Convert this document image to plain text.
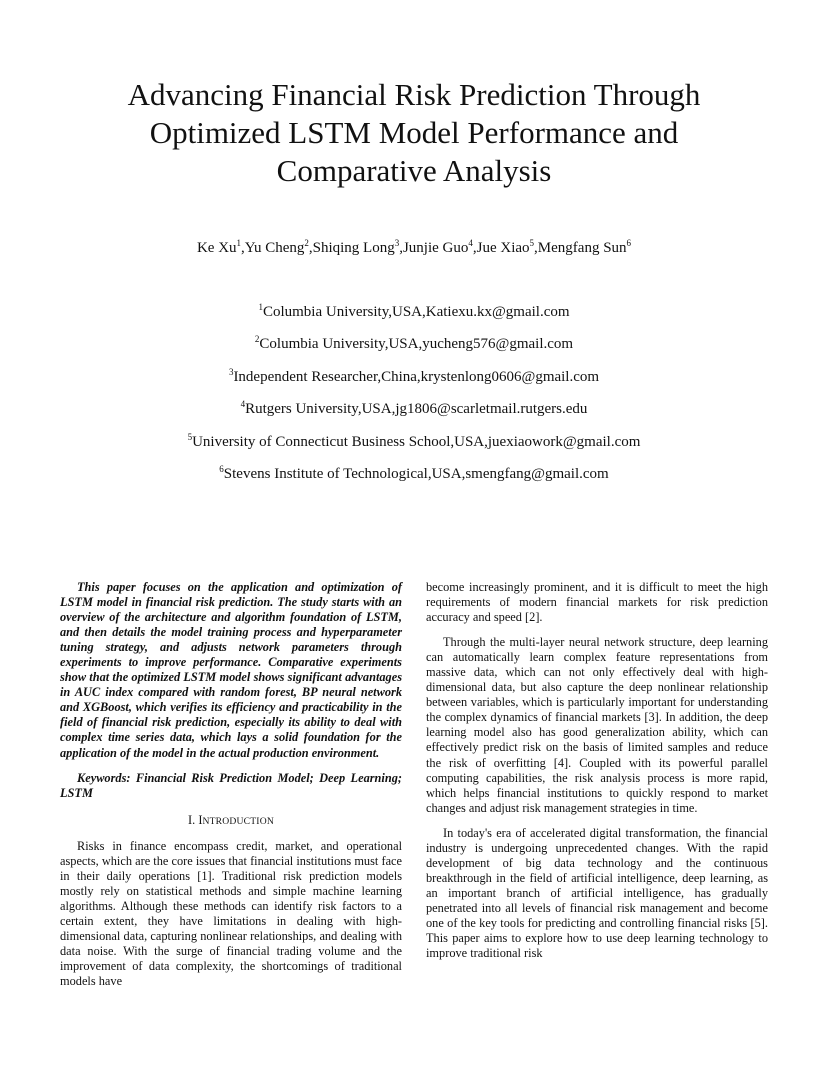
Advancing Financial Risk Prediction Through
Optimized LSTM Model Performance and
Comparative Analysis
Ke Xu$^1$,Yu Cheng$^2$,Shiqing Long$^3$,Junjie Guo$^4$,Jue Xiao$^5$,Mengfang Sun$^6$
$^1$Columbia University,USA,Katiexu.kx@gmail.com
$^2$Columbia University,USA,yucheng576@gmail.com
$^3$Independent Researcher,China,krystenlong0606@gmail.com
$^4$Rutgers University,USA,jg1806@scarletmail.rutgers.edu
$^5$University of Connecticut Business School,USA,juexiaowork@gmail.com
$^6$Stevens Institute of Technological,USA,smengfang@gmail.com

This paper focuses on the application and optimization of LSTM model in financial risk prediction. The study starts with an overview of the architecture and algorithm foundation of LSTM, and then details the model training process and hyperparameter tuning strategy, and adjusts network parameters through experiments to improve performance. Comparative experiments show that the optimized LSTM model shows significant advantages in AUC index compared with random forest, BP neural network and XGBoost, which verifies its efficiency and practicability in the field of financial risk prediction, especially its ability to deal with complex time series data, which lays a solid foundation for the application of the model in the actual production environment.

Keywords: Financial Risk Prediction Model; Deep Learning; LSTM

I. INTRODUCTION

Risks in finance encompass credit, market, and operational aspects, which are the core issues that financial institutions must face in their daily operations [1]. Traditional risk prediction models mostly rely on statistical methods and simple machine learning algorithms. Although these methods can identify risk factors to a certain extent, they have limitations in dealing with high-dimensional data, capturing nonlinear relationships, and dealing with data noise. With the surge of financial trading volume and the improvement of data complexity, the shortcomings of traditional models have

become increasingly prominent, and it is difficult to meet the high requirements of modern financial markets for risk prediction accuracy and speed [2].

Through the multi-layer neural network structure, deep learning can automatically learn complex feature representations from massive data, which can not only effectively deal with high-dimensional data, but also capture the deep nonlinear relationship between variables, which is particularly important for understanding the complex dynamics of financial markets [3]. In addition, the deep learning model also has good generalization ability, which can effectively predict risk on the basis of limited samples and reduce the risk of overfitting [4]. Coupled with its powerful parallel computing capabilities, the risk analysis process is more rapid, which helps financial institutions to quickly respond to market changes and adjust risk management strategies in time.

In today's era of accelerated digital transformation, the financial industry is undergoing unprecedented changes. With the rapid development of big data technology and the continuous breakthrough in the field of artificial intelligence, deep learning, as an important branch of artificial intelligence, has gradually penetrated into all levels of financial risk management and become one of the key tools for predicting and controlling financial risks [5]. This paper aims to explore how to use deep learning technology to improve traditional risk
